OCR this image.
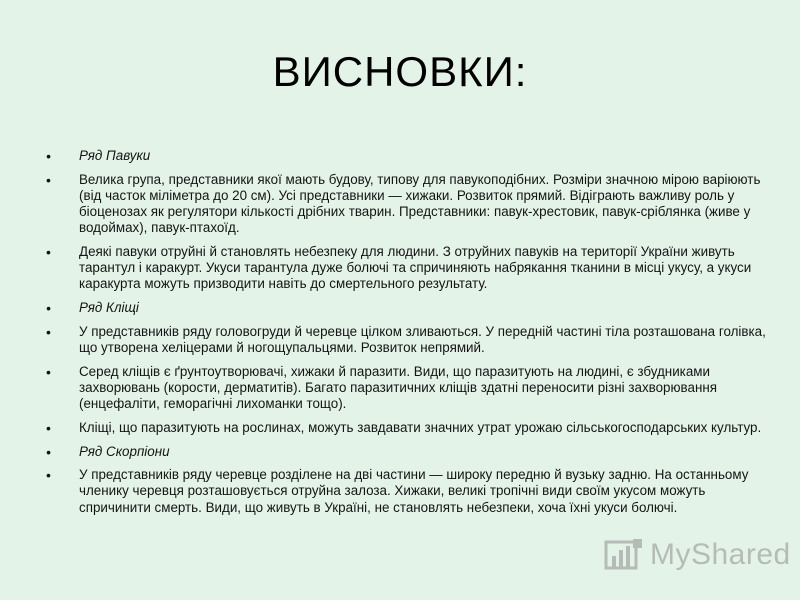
ВИСНОВКИ:
• Ряд Павуки
• Велика група, представники якої мають будову, типову для павукоподібних. Розміри значною мірою варіюють (від часток міліметра до 20 см). Усі представники — хижаки. Розвиток прямий. Відіграють важливу роль у біоценозах як регулятори кількості дрібних тварин. Представники: павук-хрестовик, павук-сріблянка (живе у водоймах), павук-птахоїд.
• Деякі павуки отруйні й становлять небезпеку для людини. З отруйних павуків на території України живуть тарантул і каракурт. Укуси тарантула дуже болючі та спричиняють набрякання тканини в місці укусу, а укуси каракурта можуть призводити навіть до смертельного результату.
• Ряд Кліщі
• У представників ряду головогруди й черевце цілком зливаються. У передній частині тіла розташована голівка, що утворена хеліцерами й ногощупальцями. Розвиток непрямий.
• Серед кліщів є ґрунтоутворювачі, хижаки й паразити. Види, що паразитують на людині, є збудниками захворювань (корости, дерматитів). Багато паразитичних кліщів здатні переносити різні захворювання (енцефаліти, геморагічні лихоманки тощо).
• Кліщі, що паразитують на рослинах, можуть завдавати значних утрат урожаю сільськогосподарських культур.
• Ряд Скорпіони
• У представників ряду черевце розділене на дві частини — широку передню й вузьку задню. На останньому членику черевця розташовується отруйна залоза. Хижаки, великі тропічні види своїм укусом можуть спричинити смерть. Види, що живуть в Україні, не становлять небезпеки, хоча їхні укуси болючі.
MyShared
